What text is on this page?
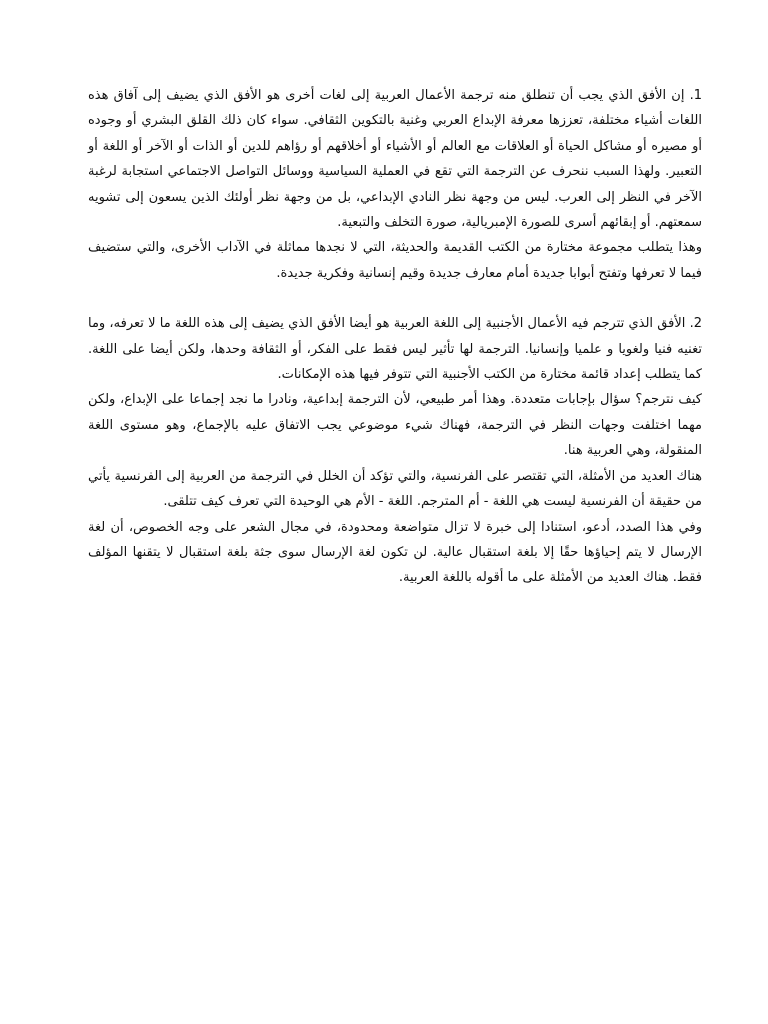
1. إن الأفق الذي يجب أن تنطلق منه ترجمة الأعمال العربية إلى لغات أخرى هو الأفق الذي يضيف إلى آفاق هذه اللغات أشياء مختلفة، تعززها معرفة الإبداع العربي وغنية بالتكوين الثقافي. سواء كان ذلك القلق البشري أو وجوده أو مصيره أو مشاكل الحياة أو العلاقات مع العالم أو الأشياء أو أخلاقهم أو رؤاهم للدين أو الذات أو الآخر أو اللغة أو التعبير. ولهذا السبب ننحرف عن الترجمة التي تقع في العملية السياسية ووسائل التواصل الاجتماعي استجابة لرغبة الآخر في النظر إلى العرب. ليس من وجهة نظر النادي الإبداعي، بل من وجهة نظر أولئك الذين يسعون إلى تشويه سمعتهم. أو إبقائهم أسرى للصورة الإمبريالية، صورة التخلف والتبعية.

وهذا يتطلب مجموعة مختارة من الكتب القديمة والحديثة، التي لا نجدها مماثلة في الآداب الأخرى، والتي ستضيف فيما لا تعرفها وتفتح أبوابا جديدة أمام معارف جديدة وقيم إنسانية وفكرية جديدة.

2. الأفق الذي تترجم فيه الأعمال الأجنبية إلى اللغة العربية هو أيضا الأفق الذي يضيف إلى هذه اللغة ما لا تعرفه، وما تغنيه فنيا ولغويا و علميا وإنسانيا. الترجمة لها تأثير ليس فقط على الفكر، أو الثقافة وحدها، ولكن أيضا على اللغة. كما يتطلب إعداد قائمة مختارة من الكتب الأجنبية التي تتوفر فيها هذه الإمكانات.

كيف نترجم؟ سؤال بإجابات متعددة. وهذا أمر طبيعي، لأن الترجمة إبداعية، ونادرا ما نجد إجماعا على الإبداع، ولكن مهما اختلفت وجهات النظر في الترجمة، فهناك شيء موضوعي يجب الاتفاق عليه بالإجماع، وهو مستوى اللغة المنقولة، وهي العربية هنا.

هناك العديد من الأمثلة، التي تقتصر على الفرنسية، والتي تؤكد أن الخلل في الترجمة من العربية إلى الفرنسية يأتي من حقيقة أن الفرنسية ليست هي اللغة - أم المترجم. اللغة - الأم هي الوحيدة التي تعرف كيف تتلقى.

وفي هذا الصدد، أدعو، استنادا إلى خبرة لا تزال متواضعة ومحدودة، في مجال الشعر على وجه الخصوص، أن لغة الإرسال لا يتم إحياؤها حقًا إلا بلغة استقبال عالية. لن تكون لغة الإرسال سوى جثة بلغة استقبال لا يتقنها المؤلف فقط. هناك العديد من الأمثلة على ما أقوله باللغة العربية.
